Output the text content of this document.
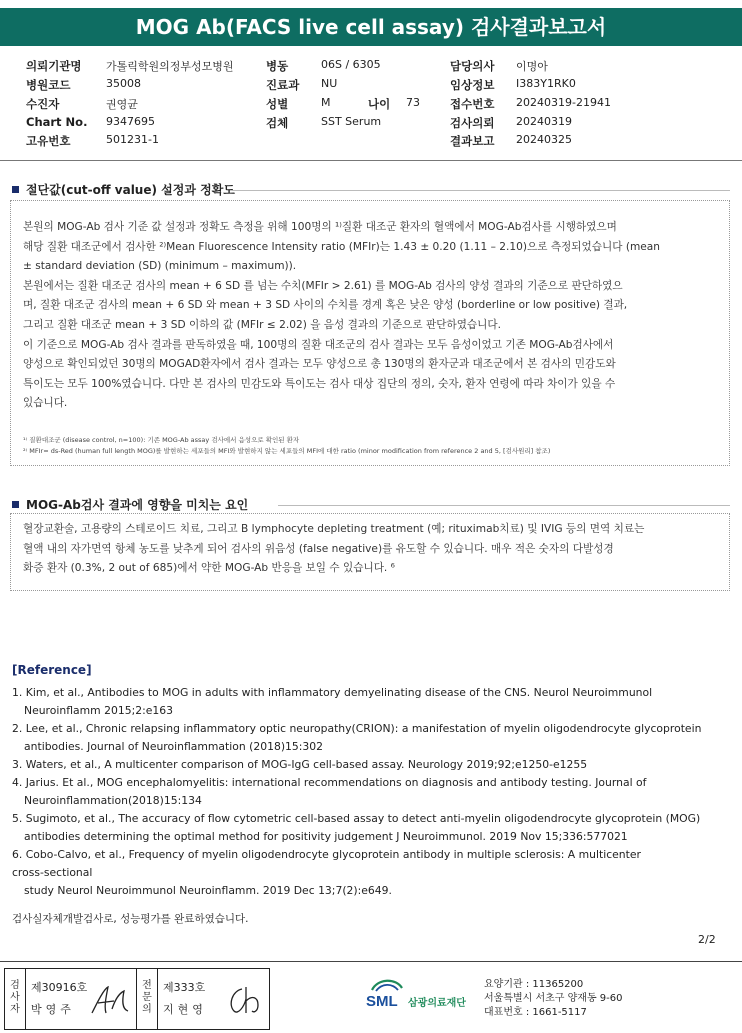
MOG Ab(FACS live cell assay) 검사결과보고서
의뢰기관명 가톨릭학원의정부성모병원
병원코드	35008
수진자	권영균
Chart No. 9347695
고유번호	501231-1
병동	06S / 6305
진료과 NU
성별	M	나이 73
검체	SST Serum
담당의사 이명아
임상정보 I383Y1RK0
접수번호 20240319-21941
검사의뢰 20240319
결과보고 20240325
절단값(cut-off value) 설정과 정확도
본원의 MOG-Ab 검사 기준 값 설정과 정확도 측정을 위해 100명의 ¹⁾질환 대조군 환자의 혈액에서 MOG-Ab검사를 시행하였으며
해당 질환 대조군에서 검사한 ²⁾Mean Fluorescence Intensity ratio (MFIr)는 1.43 ± 0.20 (1.11 – 2.10)으로 측정되었습니다 (mean
± standard deviation (SD) (minimum – maximum)).
본원에서는 질환 대조군 검사의 mean + 6 SD 를 넘는 수치(MFIr > 2.61) 를 MOG-Ab 검사의 양성 결과의 기준으로 판단하였으
며, 질환 대조군 검사의 mean + 6 SD 와 mean + 3 SD 사이의 수치를 경계 혹은 낮은 양성 (borderline or low positive) 결과,
그리고 질환 대조군 mean + 3 SD 이하의 값 (MFIr ≤ 2.02) 을 음성 결과의 기준으로 판단하였습니다.
이 기준으로 MOG-Ab 검사 결과를 판독하였을 때, 100명의 질환 대조군의 검사 결과는 모두 음성이었고 기존 MOG-Ab검사에서
양성으로 확인되었던 30명의 MOGAD환자에서 검사 결과는 모두 양성으로 총 130명의 환자군과 대조군에서 본 검사의 민감도와
특이도는 모두 100%였습니다. 다만 본 검사의 민감도와 특이도는 검사 대상 집단의 정의, 숫자, 환자 연령에 따라 차이가 있을 수
있습니다.
¹⁾ 질환대조군 (disease control, n=100): 기존 MOG-Ab assay 검사에서 음성으로 확인된 환자
²⁾ MFIr= ds-Red (human full length MOG)를 발현하는 세포들의 MFI와 발현하지 않는 세포들의 MFI에 대한 ratio (minor modification from reference 2 and 5, [검사원리] 참조)
MOG-Ab검사 결과에 영향을 미치는 요인
혈장교환술, 고용량의 스테로이드 치료, 그리고 B lymphocyte depleting treatment (예; rituximab치료) 및 IVIG 등의 면역 치료는
혈액 내의 자가면역 항체 농도를 낮추게 되어 검사의 위음성 (false negative)를 유도할 수 있습니다. 매우 적은 숫자의 다발성경
화증 환자 (0.3%, 2 out of 685)에서 약한 MOG-Ab 반응을 보일 수 있습니다. ⁶
[Reference]
1. Kim, et al., Antibodies to MOG in adults with inflammatory demyelinating disease of the CNS. Neurol Neuroimmunol
Neuroinflamm 2015;2:e163
2. Lee, et al., Chronic relapsing inflammatory optic neuropathy(CRION): a manifestation of myelin oligodendrocyte glycoprotein
antibodies. Journal of Neuroinflammation (2018)15:302
3. Waters, et al., A multicenter comparison of MOG-IgG cell-based assay. Neurology 2019;92;e1250-e1255
4. Jarius. Et al., MOG encephalomyelitis: international recommendations on diagnosis and antibody testing. Journal of
Neuroinflammation(2018)15:134
5. Sugimoto, et al., The accuracy of flow cytometric cell-based assay to detect anti-myelin oligodendrocyte glycoprotein (MOG)
antibodies determining the optimal method for positivity judgement J Neuroimmunol. 2019 Nov 15;336:577021
6. Cobo-Calvo, et al., Frequency of myelin oligodendrocyte glycoprotein antibody in multiple sclerosis: A multicenter
cross-sectional
study Neurol Neuroimmunol Neuroinflamm. 2019 Dec 13;7(2):e649.
검사실자체개발검사로, 성능평가를 완료하였습니다.
2/2
검
사
자
제30916호
박영주
전
문
의
제333호
지현영	SML 삼광의료재단
요양기관 : 11365200
서울특별시 서초구 양재동 9-60
대표번호 : 1661-5117
